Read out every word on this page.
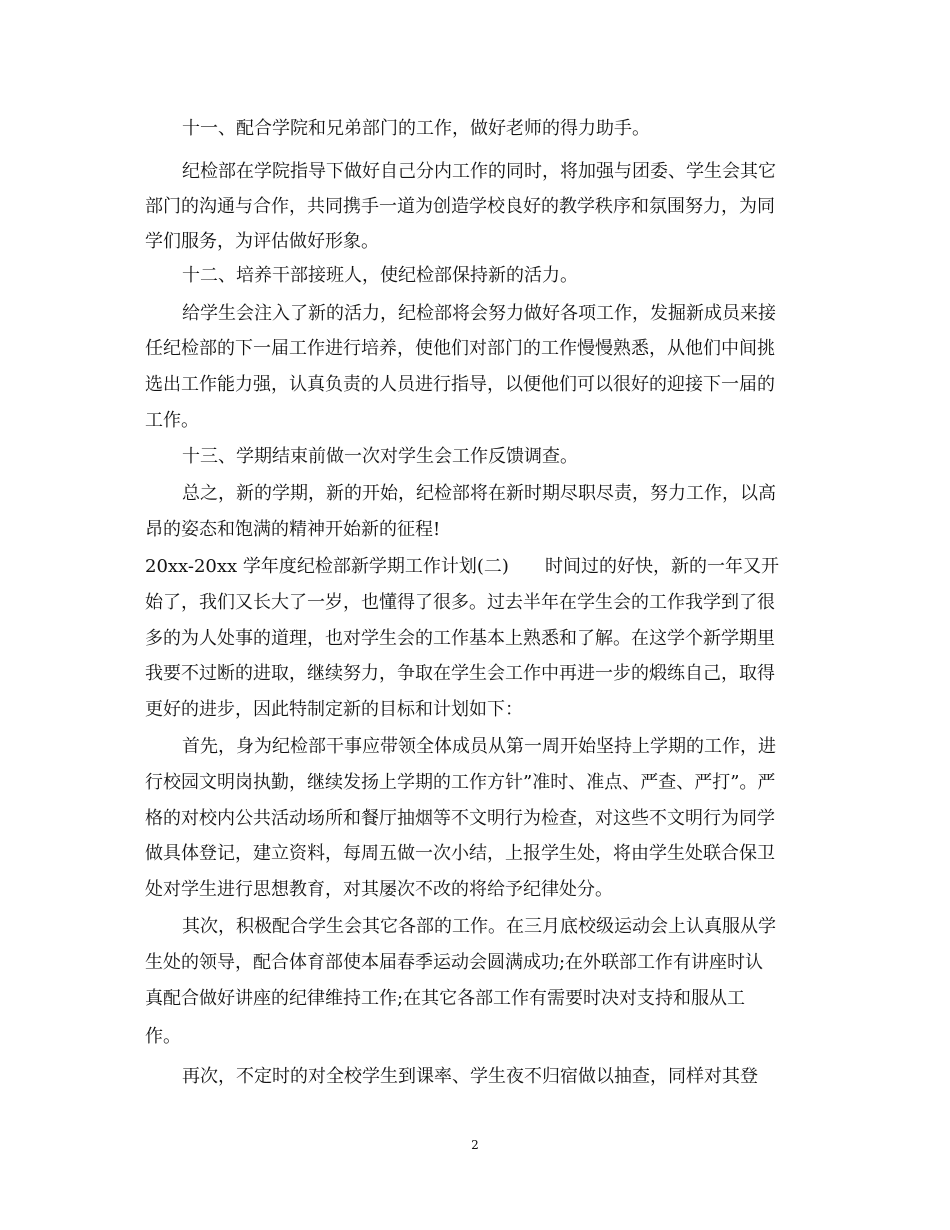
十一、配合学院和兄弟部门的工作，做好老师的得力助手。
纪检部在学院指导下做好自己分内工作的同时，将加强与团委、学生会其它
部门的沟通与合作，共同携手一道为创造学校良好的教学秩序和氛围努力，为同
学们服务，为评估做好形象。
十二、培养干部接班人，使纪检部保持新的活力。
给学生会注入了新的活力，纪检部将会努力做好各项工作，发掘新成员来接
任纪检部的下一届工作进行培养，使他们对部门的工作慢慢熟悉，从他们中间挑
选出工作能力强，认真负责的人员进行指导，以便他们可以很好的迎接下一届的
工作。
十三、学期结束前做一次对学生会工作反馈调查。
总之，新的学期，新的开始，纪检部将在新时期尽职尽责，努力工作，以高
昂的姿态和饱满的精神开始新的征程!
20xx-20xx 学年度纪检部新学期工作计划(二)　　时间过的好快，新的一年又开
始了，我们又长大了一岁，也懂得了很多。过去半年在学生会的工作我学到了很
多的为人处事的道理，也对学生会的工作基本上熟悉和了解。在这学个新学期里
我要不过断的进取，继续努力，争取在学生会工作中再进一步的煅练自己，取得
更好的进步，因此特制定新的目标和计划如下：
首先，身为纪检部干事应带领全体成员从第一周开始坚持上学期的工作，进
行校园文明岗执勤，继续发扬上学期的工作方针”准时、准点、严查、严打”。严
格的对校内公共活动场所和餐厅抽烟等不文明行为检查，对这些不文明行为同学
做具体登记，建立资料，每周五做一次小结，上报学生处，将由学生处联合保卫
处对学生进行思想教育，对其屡次不改的将给予纪律处分。
其次，积极配合学生会其它各部的工作。在三月底校级运动会上认真服从学
生处的领导，配合体育部使本届春季运动会圆满成功;在外联部工作有讲座时认
真配合做好讲座的纪律维持工作;在其它各部工作有需要时决对支持和服从工
作。
再次，不定时的对全校学生到课率、学生夜不归宿做以抽查，同样对其登
2
